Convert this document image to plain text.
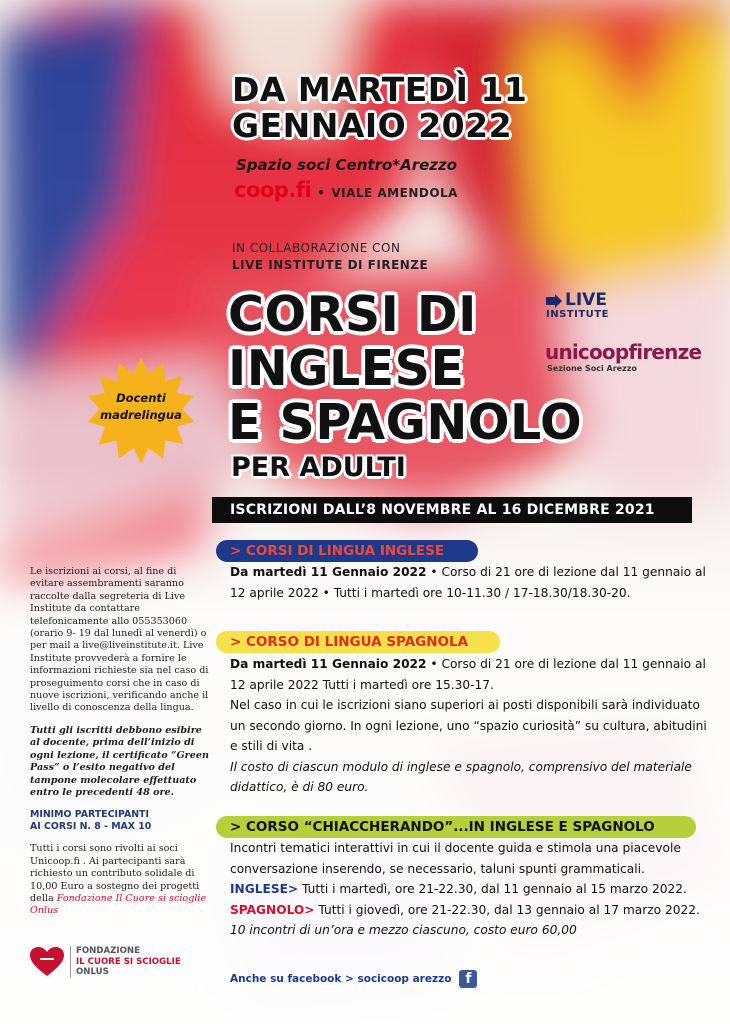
DA MARTEDÌ 11
GENNAIO 2022
Spazio soci Centro*Arezzo
coop.fi • VIALE AMENDOLA
IN COLLABORAZIONE CON
LIVE INSTITUTE DI FIRENZE
CORSI DI
INGLESE
E SPAGNOLO
PER ADULTI
ISCRIZIONI DALL’8 NOVEMBRE AL 16 DICEMBRE 2021
LIVE
INSTITUTE
unicoopfirenze
Sezione Soci Arezzo
Docenti
madrelingua

Le iscrizioni ai corsi, al fine di evitare assembramenti saranno raccolte dalla segreteria di Live Institute da contattare telefonicamente allo 055353060 (orario 9- 19 dal lunedì al venerdì) o per mail a live@liveinstitute.it. Live Institute provvederà a fornire le informazioni richieste sia nel caso di proseguimento corsi che in caso di nuove iscrizioni, verificando anche il livello di conoscenza della lingua.

Tutti gli iscritti debbono esibire al docente, prima dell’inizio di ogni lezione, il certificato “Green Pass” o l’esito negativo del tampone molecolare effettuato entro le precedenti 48 ore.

MINIMO PARTECIPANTI
AI CORSI N. 8 - MAX 10

Tutti i corsi sono rivolti ai soci Unicoop.fi . Ai partecipanti sarà richiesto un contributo solidale di 10,00 Euro a sostegno dei progetti della Fondazione Il Cuore si scioglie Onlus

FONDAZIONE
IL CUORE SI SCIOGLIE
ONLUS
> CORSI DI LINGUA INGLESE
Da martedì 11 Gennaio 2022 • Corso di 21 ore di lezione dal 11 gennaio al 12 aprile 2022 • Tutti i martedì ore 10-11.30 / 17-18.30/18.30-20.
> CORSO DI LINGUA SPAGNOLA
Da martedì 11 Gennaio 2022 • Corso di 21 ore di lezione dal 11 gennaio al 12 aprile 2022 Tutti i martedì ore 15.30-17.
Nel caso in cui le iscrizioni siano superiori ai posti disponibili sarà individuato un secondo giorno. In ogni lezione, uno “spazio curiosità” su cultura, abitudini e stili di vita .
Il costo di ciascun modulo di inglese e spagnolo, comprensivo del materiale didattico, è di 80 euro.
> CORSO “CHIACCHERANDO”...IN INGLESE E SPAGNOLO
Incontri tematici interattivi in cui il docente guida e stimola una piacevole conversazione inserendo, se necessario, taluni spunti grammaticali.
INGLESE> Tutti i martedì, ore 21-22.30, dal 11 gennaio al 15 marzo 2022.
SPAGNOLO> Tutti i giovedì, ore 21-22.30, dal 13 gennaio al 17 marzo 2022.
10 incontri di un’ora e mezzo ciascuno, costo euro 60,00
Anche su facebook > socicoop arezzo f
